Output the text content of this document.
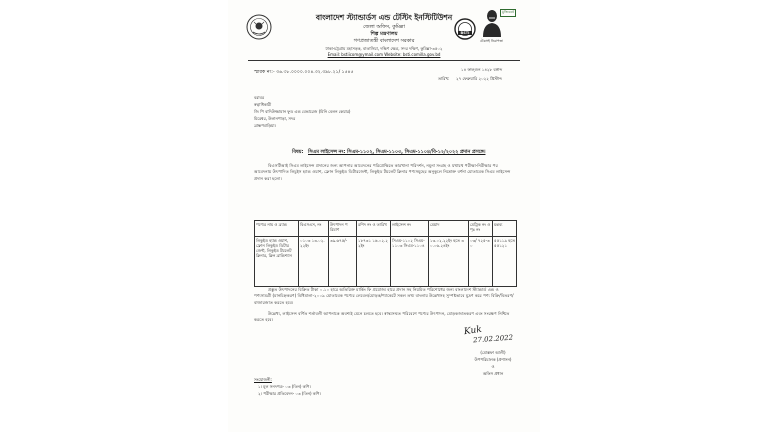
বাংলাদেশ স্ট্যান্ডার্ডস এন্ড টেস্টিং ইনস্টিটিউশন
জেলা অফিস, কুমিল্লা
শিল্প মন্ত্রণালয়
গণপ্রজাতন্ত্রী বাংলাদেশ সরকার
ঢাকা-চট্টগ্রাম মহাসড়ক, বাতাসিয়া, দক্ষিণ ক্ষেত্র, সদর দক্ষিণ, কুমিল্লা-৩৫০২
Email: bstiicom@ymail.com Website: bsti.comilla.gov.bd
BSTI
মুজিববর্ষ
টেকসই নিরাপত্তা
স্মারক নং:- ৩৬.৩৮.০০০০.০০৪.৩২.৩৯৮.২১/ ১৫৪৫
১৪ ফাল্গুন ১৪২৮ বঙ্গাব্দ
তারিখ: ২৭ ফেব্রুয়ারি ২০২২ খ্রিস্টাব্দ
বরাবর
স্বত্বাধিকারী
জি পি বাদিউজ্জামান ফুড এন্ড বেভারেজ (মিনি বেলন কেয়ার)
মিরেশ্বর, উলানপাড়া, সদর
ব্রাহ্মণবাড়িয়া।
বিষয়: সিএম লাইসেন্স নং: সিএম-১১০২, সিএম-১১০৩, সিএম-১১০৪/বি-১২/২০২২ প্রদান প্রসঙ্গে।
বিএসটিআই সিএম লাইসেন্স প্রদানের জন্য আপনার আবেদনের পরিপ্রেক্ষিতে কারখানা পরিদর্শন, নমুনা সংগ্রহ ও যথাযথ পরীক্ষা-নিরীক্ষার পর আবেদনায় উৎপাদিত লিচুইস হ্যান্ড ওয়াশ, ফ্রোন লিকুইড ডিটারজেন্ট, লিকুইড টয়লেট ক্লিনার পণ্যসমূহের অনুকূলে নিম্নোক্ত বর্ণনা মোতাবেক সিএম লাইসেন্স প্রদান করা হলো।
পণ্যের নাম ও ব্র্যান্ড	বিএসএস, নং	উৎপাদন পরিমাণ	রশিদ নং ও তারিখ	লাইসেন্স নং	মেয়াদ	মেট্রিক নং ও পৃঃ নং	মন্তব্য
লিকুইড হ্যান্ড ওয়াশ, ফ্রোন লিকুইড ডিটারজেন্ট, লিকুইড টয়লেট ক্লিনার, ক্লিন ব্রান্ডিশ্যান	০১০৩ ১৩.০২.২২ইং	৩৯.৬৭৫/-	১৮৭৩১ ১৬.০২.২২ইং	সিএম-১১০২ সিএম-১১০৩ সিএম-১১০৪	১৩.০২.২২ইং হতে ৩০.০৬.২৪ইং	০৩/ ৭২৫-৩০	৫৫১১৯ হতে ৫৫১২১
প্রস্তুত উৎপাদনের বিক্রিত টাকা ০.১০ হারে অতিরিক্ত মার্কিং ফি প্রযোজ্য হারে প্রদান সহ নিয়মিত পরিশোধের জন্য বাংলাদেশ স্ট্যান্ডার্ড এন্ড ও পণ্যসামগ্রী (মানচিহ্নকরণ) বিধিমালা-২০০৯ মোতাবেক পণ্যের লেবেল/মোড়ক/প্যাকেটে সকল তথ্য বাংলায় উল্লেখসহ সুস্পষ্টভাবে মুদ্রণ করে পণ্য বিক্রি/বিতরণ/বাজারজাত করতে হবে।
উল্লেখ্য, লাইসেন্স বর্ণিত শর্তাবলী আপনাকে অবশ্যই মেনে চলতে হবে। স্বাস্থ্যসম্মত পরিবেশে পণ্যের উৎপাদন, মোড়কজাতকরণ এবং সংরক্ষণ নিশ্চিত করতে হবে।
Kuk
27.02.2022
(মোস্তফা আলী)
উপপরিচালক (প্রশাসন)
ও
অফিস প্রধান
সংযোজনী:
১। মূল সনদপত্র- ০৩ (তিন) কপি।
২। পরীক্ষার প্রতিবেদন- ০৩ (তিন) কপি।
